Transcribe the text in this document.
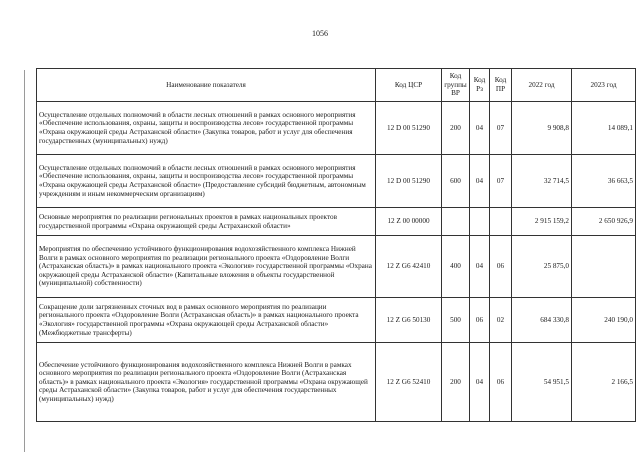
1056
Наименование показателя	Код ЦСР	Код группы ВР	Код Рз	Код ПР	2022 год	2023 год
Осуществление отдельных полномочий в области лесных отношений в рамках основного мероприятия «Обеспечение использования, охраны, защиты и воспроизводства лесов» государственной программы «Охрана окружающей среды Астраханской области» (Закупка товаров, работ и услуг для обеспечения государственных (муниципальных) нужд)	12 D 00 51290	200	04	07	9 908,8	14 089,1
Осуществление отдельных полномочий в области лесных отношений в рамках основного мероприятия «Обеспечение использования, охраны, защиты и воспроизводства лесов» государственной программы «Охрана окружающей среды Астраханской области» (Предоставление субсидий бюджетным, автономным учреждениям и иным некоммерческим организациям)	12 D 00 51290	600	04	07	32 714,5	36 663,5
Основные мероприятия по реализации региональных проектов в рамках национальных проектов государственной программы «Охрана окружающей среды Астраханской области»	12 Z 00 00000				2 915 159,2	2 650 926,9
Мероприятия по обеспечению устойчивого функционирования водохозяйственного комплекса Нижней Волги в рамках основного мероприятия по реализации регионального проекта «Оздоровление Волги (Астраханская область)» в рамках национального проекта «Экология» государственной программы «Охрана окружающей среды Астраханской области» (Капитальные вложения в объекты государственной (муниципальной) собственности)	12 Z G6 42410	400	04	06	25 875,0	
Сокращение доли загрязненных сточных вод в рамках основного мероприятия по реализации регионального проекта «Оздоровление Волги (Астраханская область)» в рамках национального проекта «Экология» государственной программы «Охрана окружающей среды Астраханской области» (Межбюджетные трансферты)	12 Z G6 50130	500	06	02	684 330,8	240 190,0
Обеспечение устойчивого функционирования водохозяйственного комплекса Нижней Волги в рамках основного мероприятия по реализации регионального проекта «Оздоровление Волги (Астраханская область)» в рамках национального проекта «Экология» государственной программы «Охрана окружающей среды Астраханской области» (Закупка товаров, работ и услуг для обеспечения государственных (муниципальных) нужд)	12 Z G6 52410	200	04	06	54 951,5	2 166,5
